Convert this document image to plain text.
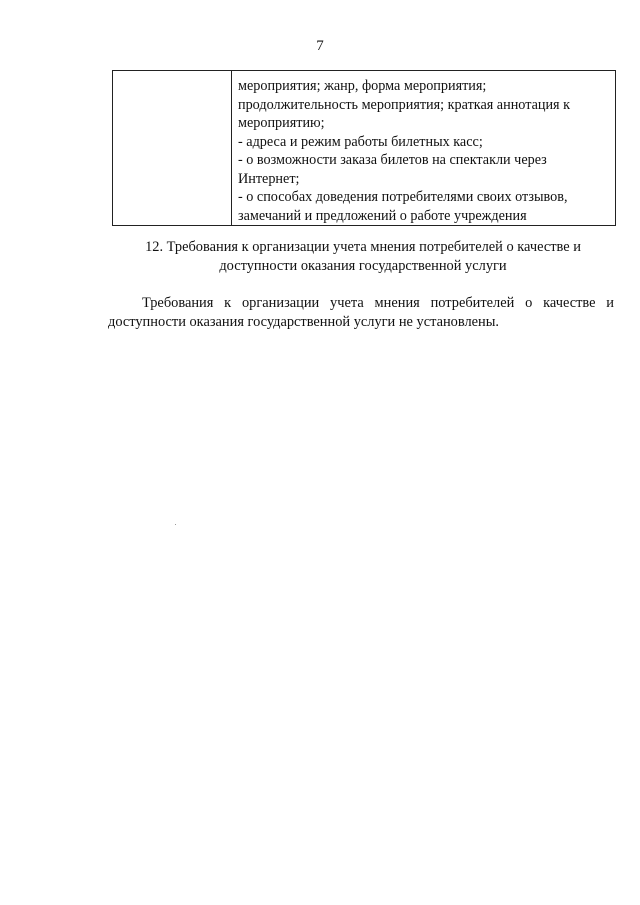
7

мероприятия; жанр, форма мероприятия;
продолжительность мероприятия; краткая аннотация к
мероприятию;
- адреса и режим работы билетных касс;
- о возможности заказа билетов на спектакли через
Интернет;
- о способах доведения потребителями своих отзывов,
замечаний и предложений о работе учреждения
12. Требования к организации учета мнения потребителей о качестве и
доступности оказания государственной услуги
Требования к организации учета мнения потребителей о качестве и
доступности оказания государственной услуги не установлены.
